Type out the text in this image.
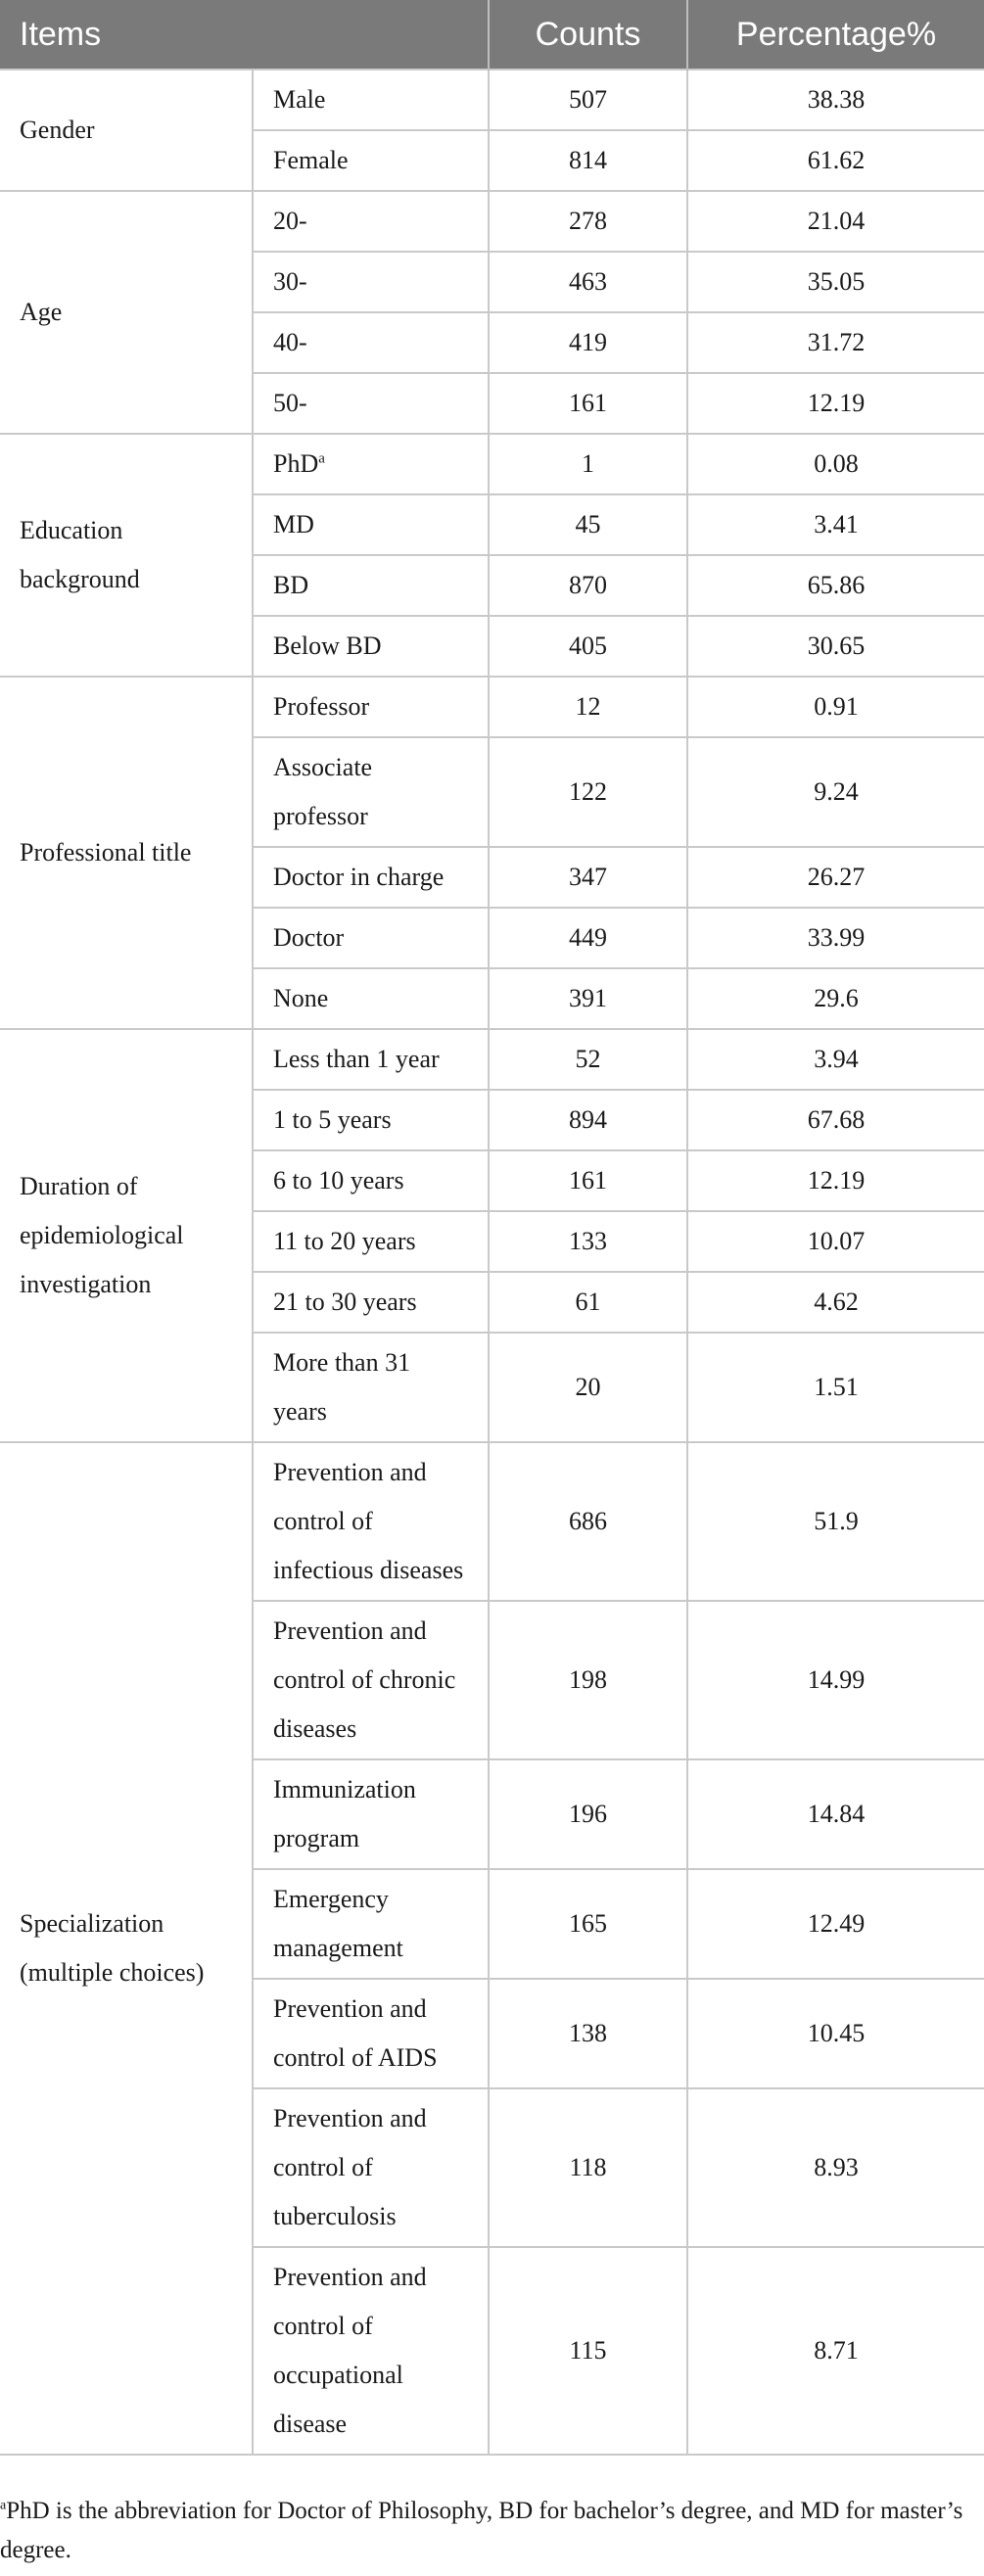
Items		Counts	Percentage%
Gender	Male	507	38.38
	Female	814	61.62
Age	20-	278	21.04
	30-	463	35.05
	40-	419	31.72
	50-	161	12.19
Education background	PhD$^a$	1	0.08
	MD	45	3.41
	BD	870	65.86
	Below BD	405	30.65
Professional title	Professor	12	0.91
	Associate professor	122	9.24
	Doctor in charge	347	26.27
	Doctor	449	33.99
	None	391	29.6
Duration of epidemiological investigation	Less than 1 year	52	3.94
	1 to 5 years	894	67.68
	6 to 10 years	161	12.19
	11 to 20 years	133	10.07
	21 to 30 years	61	4.62
	More than 31 years	20	1.51
Specialization (multiple choices)	Prevention and control of infectious diseases	686	51.9
	Prevention and control of chronic diseases	198	14.99
	Immunization program	196	14.84
	Emergency management	165	12.49
	Prevention and control of AIDS	138	10.45
	Prevention and control of tuberculosis	118	8.93
	Prevention and control of occupational disease	115	8.71
$^a$PhD is the abbreviation for Doctor of Philosophy, BD for bachelor’s degree, and MD for master’s degree.
